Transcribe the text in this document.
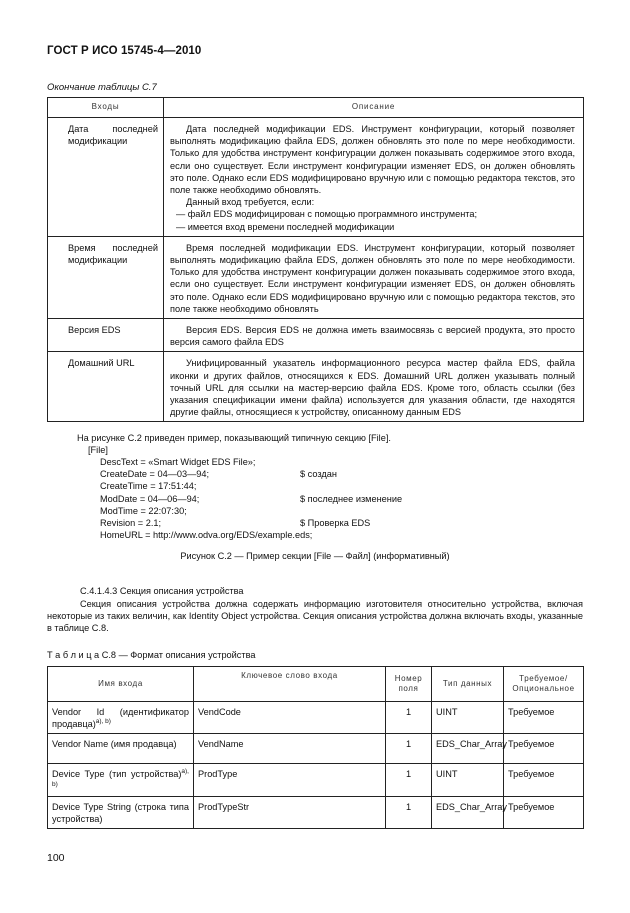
ГОСТ Р ИСО 15745-4—2010
Окончание таблицы С.7
Входы	Описание
Дата последней модификации	Дата последней модификации EDS. Инструмент конфигурации, который позволяет выполнять модификацию файла EDS, должен обновлять это поле по мере необходимости. Только для удобства инструмент конфигурации должен показывать содержимое этого входа, если оно существует. Если инструмент конфигурации изменяет EDS, он должен обновлять это поле. Однако если EDS модифицировано вручную или с помощью редактора текстов, это поле также необходимо обновлять.

Данный вход требуется, если:

— файл EDS модифицирован с помощью программного инструмента;

— имеется вход времени последней модификации

Время последней модификации	Время последней модификации EDS. Инструмент конфигурации, который позволяет выполнять модификацию файла EDS, должен обновлять это поле по мере необходимости. Только для удобства инструмент конфигурации должен показывать содержимое этого входа, если оно существует. Если инструмент конфигурации изменяет EDS, он должен обновлять это поле. Однако если EDS модифицировано вручную или с помощью редактора текстов, это поле также необходимо обновлять

Версия EDS	Версия EDS. Версия EDS не должна иметь взаимосвязь с версией продукта, это просто версия самого файла EDS

Домашний URL	Унифицированный указатель информационного ресурса мастер файла EDS, файла иконки и других файлов, относящихся к EDS. Домашний URL должен указывать полный точный URL для ссылки на мастер-версию файла EDS. Кроме того, область ссылки (без указания спецификации имени файла) используется для указания области, где находятся другие файлы, относящиеся к устройству, описанному данным EDS

На рисунке С.2 приведен пример, показывающий типичную секцию [File].
[File]
DescText = «Smart Widget EDS File»;
CreateDate = 04—03—94;	$ создан
CreateTime = 17:51:44;
ModDate = 04—06—94;	$ последнее изменение
ModTime = 22:07:30;
Revision = 2.1;	$ Проверка EDS
HomeURL = http://www.odva.org/EDS/example.eds;
Рисунок С.2 — Пример секции [File — Файл] (информативный)
С.4.1.4.3 Секция описания устройства
Секция описания устройства должна содержать информацию изготовителя относительно устройства, включая некоторые из таких величин, как Identity Object устройства. Секция описания устройства должна включать входы, указанные в таблице С.8.
Т а б л и ц а С.8 — Формат описания устройства
Имя входа	Ключевое слово входа	Номер поля	Тип данных	Требуемое/ Опциональное
Vendor Id (идентификатор продавца)$^{a), b)}$	VendCode	1	UINT	Требуемое
Vendor Name (имя продавца)	VendName	1	EDS_Char_Array	Требуемое
Device Type (тип устройства)$^{a), b)}$	ProdType	1	UINT	Требуемое
Device Type String (строка типа устройства)	ProdTypeStr	1	EDS_Char_Array	Требуемое
100
